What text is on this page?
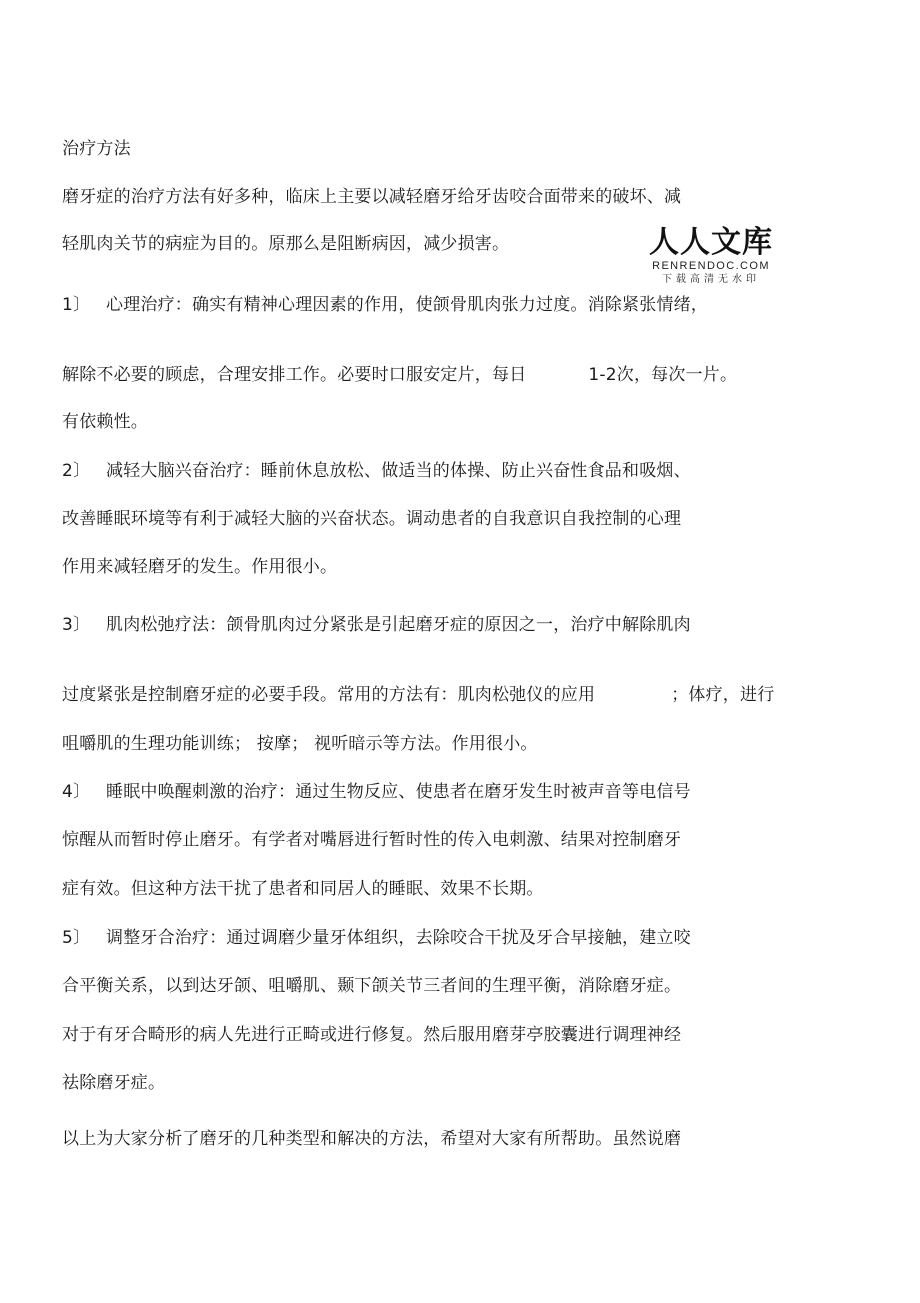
治疗方法
磨牙症的治疗方法有好多种，临床上主要以减轻磨牙给牙齿咬合面带来的破坏、减
轻肌肉关节的病症为目的。原那么是阻断病因，减少损害。
1〕 心理治疗：确实有精神心理因素的作用，使颌骨肌肉张力过度。消除紧张情绪，
解除不必要的顾虑，合理安排工作。必要时口服安定片，每日	1-2次，每次一片。
有依赖性。
2〕 减轻大脑兴奋治疗：睡前休息放松、做适当的体操、防止兴奋性食品和吸烟、
改善睡眠环境等有利于减轻大脑的兴奋状态。调动患者的自我意识自我控制的心理
作用来减轻磨牙的发生。作用很小。
3〕 肌肉松弛疗法：颌骨肌肉过分紧张是引起磨牙症的原因之一，治疗中解除肌肉
过度紧张是控制磨牙症的必要手段。常用的方法有：肌肉松弛仪的应用	；体疗，进行
咀嚼肌的生理功能训练； 按摩； 视听暗示等方法。作用很小。
4〕 睡眠中唤醒刺激的治疗：通过生物反应、使患者在磨牙发生时被声音等电信号
惊醒从而暂时停止磨牙。有学者对嘴唇进行暂时性的传入电刺激、结果对控制磨牙
症有效。但这种方法干扰了患者和同居人的睡眠、效果不长期。
5〕 调整牙合治疗：通过调磨少量牙体组织，去除咬合干扰及牙合早接触，建立咬
合平衡关系，以到达牙颌、咀嚼肌、颞下颌关节三者间的生理平衡，消除磨牙症。
对于有牙合畸形的病人先进行正畸或进行修复。然后服用磨芽亭胶囊进行调理神经
祛除磨牙症。
以上为大家分析了磨牙的几种类型和解决的方法，希望对大家有所帮助。虽然说磨
人人文库
RENRENDOC.COM
下载高清无水印
